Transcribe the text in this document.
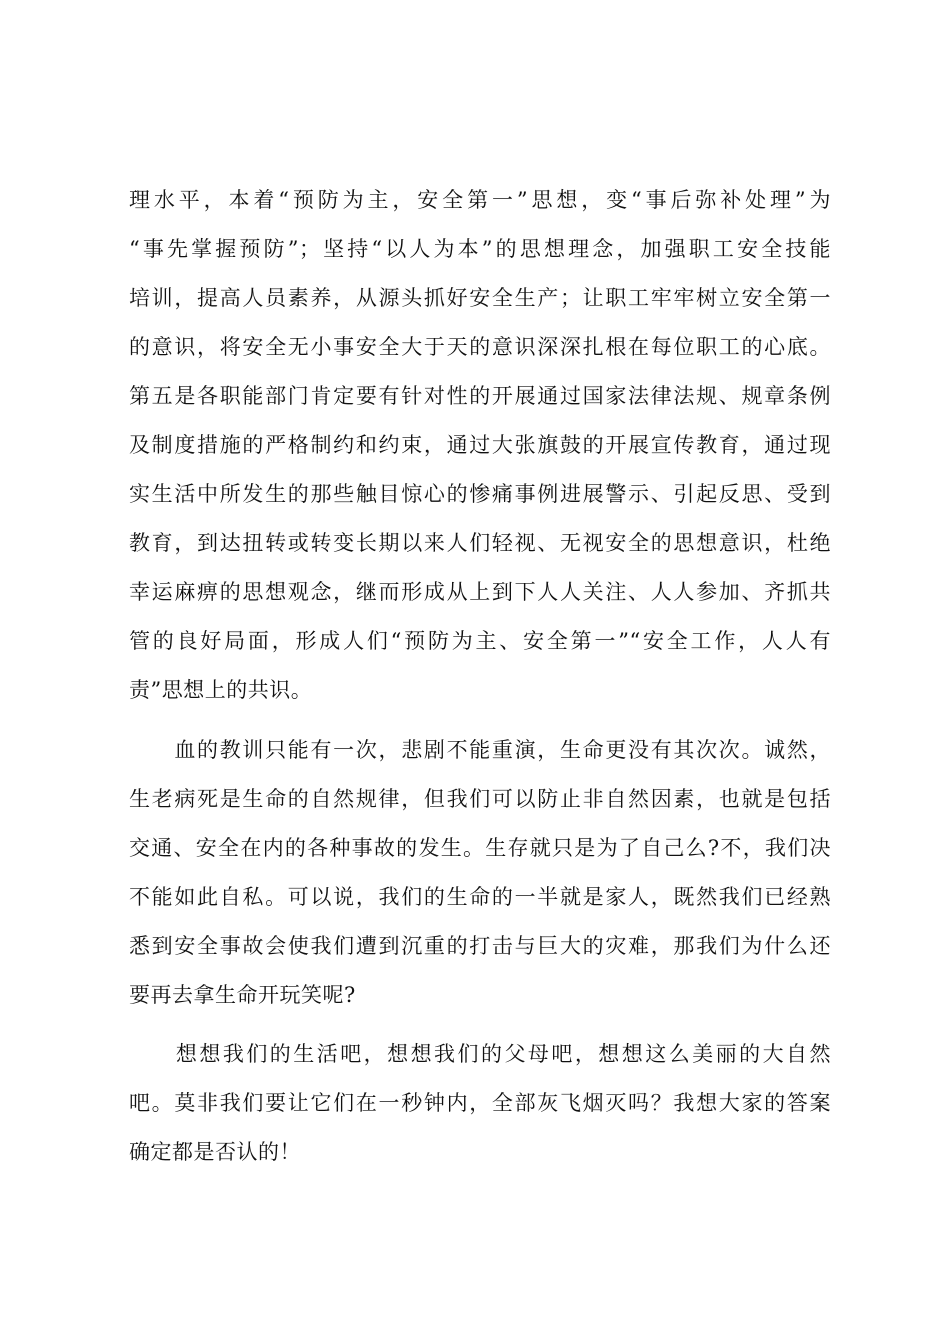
理水平，本着“预防为主，安全第一”思想，变“事后弥补处理”为
“事先掌握预防”；坚持“以人为本”的思想理念，加强职工安全技能
培训，提高人员素养，从源头抓好安全生产；让职工牢牢树立安全第一
的意识，将安全无小事安全大于天的意识深深扎根在每位职工的心底。
第五是各职能部门肯定要有针对性的开展通过国家法律法规、规章条例
及制度措施的严格制约和约束，通过大张旗鼓的开展宣传教育，通过现
实生活中所发生的那些触目惊心的惨痛事例进展警示、引起反思、受到
教育，到达扭转或转变长期以来人们轻视、无视安全的思想意识，杜绝
幸运麻痹的思想观念，继而形成从上到下人人关注、人人参加、齐抓共
管的良好局面，形成人们“预防为主、安全第一”“安全工作，人人有
责”思想上的共识。
　　血的教训只能有一次，悲剧不能重演，生命更没有其次次。诚然，
生老病死是生命的自然规律，但我们可以防止非自然因素，也就是包括
交通、安全在内的各种事故的发生。生存就只是为了自己么?不，我们决
不能如此自私。可以说，我们的生命的一半就是家人，既然我们已经熟
悉到安全事故会使我们遭到沉重的打击与巨大的灾难，那我们为什么还
要再去拿生命开玩笑呢?
　　想想我们的生活吧，想想我们的父母吧，想想这么美丽的大自然
吧。莫非我们要让它们在一秒钟内，全部灰飞烟灭吗？我想大家的答案
确定都是否认的！
